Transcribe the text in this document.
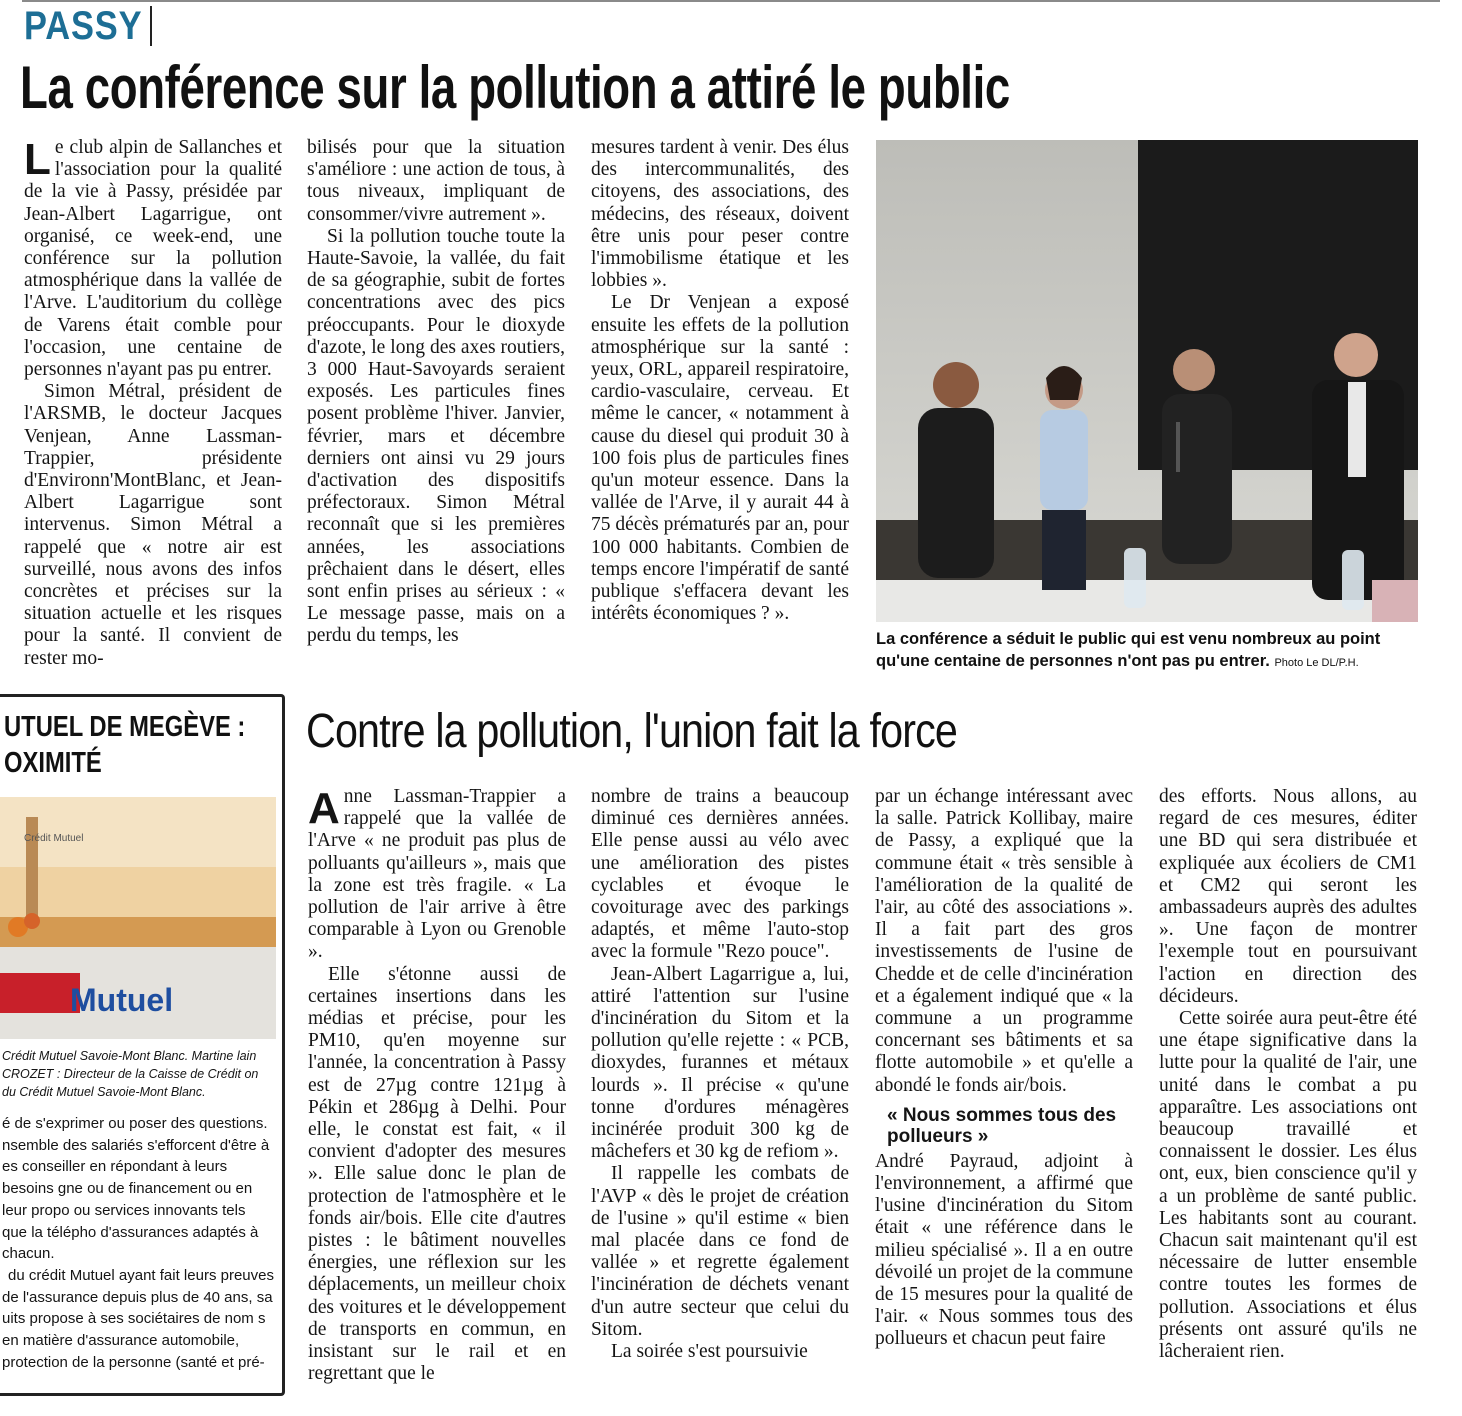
PASSY
La conférence sur la pollution a attiré le public

Le club alpin de Sallanches et l'association pour la qualité de la vie à Passy, présidée par Jean-Albert Lagarrigue, ont organisé, ce week-end, une conférence sur la pollution atmosphérique dans la vallée de l'Arve. L'auditorium du collège de Varens était comble pour l'occasion, une centaine de personnes n'ayant pas pu entrer.

Simon Métral, président de l'ARSMB, le docteur Jacques Venjean, Anne Lassman-Trappier, présidente d'Environn'MontBlanc, et Jean-Albert Lagarrigue sont intervenus. Simon Métral a rappelé que « notre air est surveillé, nous avons des infos concrètes et précises sur la situation actuelle et les risques pour la santé. Il convient de rester mo-

bilisés pour que la situation s'améliore : une action de tous, à tous niveaux, impliquant de consommer/vivre autrement ».

Si la pollution touche toute la Haute-Savoie, la vallée, du fait de sa géographie, subit de fortes concentrations avec des pics préoccupants. Pour le dioxyde d'azote, le long des axes routiers, 3 000 Haut-Savoyards seraient exposés. Les particules fines posent problème l'hiver. Janvier, février, mars et décembre derniers ont ainsi vu 29 jours d'activation des dispositifs préfectoraux. Simon Métral reconnaît que si les premières années, les associations prêchaient dans le désert, elles sont enfin prises au sérieux : « Le message passe, mais on a perdu du temps, les

mesures tardent à venir. Des élus des intercommunalités, des citoyens, des associations, des médecins, des réseaux, doivent être unis pour peser contre l'immobilisme étatique et les lobbies ».

Le Dr Venjean a exposé ensuite les effets de la pollution atmosphérique sur la santé : yeux, ORL, appareil respiratoire, cardio-vasculaire, cerveau. Et même le cancer, « notamment à cause du diesel qui produit 30 à 100 fois plus de particules fines qu'un moteur essence. Dans la vallée de l'Arve, il y aurait 44 à 75 décès prématurés par an, pour 100 000 habitants. Combien de temps encore l'impératif de santé publique s'effacera devant les intérêts économiques ? ».

La conférence a séduit le public qui est venu nombreux au point qu'une centaine de personnes n'ont pas pu entrer. Photo Le DL/P.H.
UTUEL DE MEGÈVE :
OXIMITÉ
Crédit Mutuel
Mutuel
Crédit Mutuel Savoie-Mont Blanc. Martine lain CROZET : Directeur de la Caisse de Crédit on du Crédit Mutuel Savoie-Mont Blanc.

é de s'exprimer ou poser des questions. nsemble des salariés s'efforcent d'être à es conseiller en répondant à leurs besoins gne ou de financement ou en leur propo ou services innovants tels que la télépho d'assurances adaptés à chacun.

du crédit Mutuel ayant fait leurs preuves de l'assurance depuis plus de 40 ans, sa uits propose à ses sociétaires de nom s en matière d'assurance automobile, protection de la personne (santé et pré-

Contre la pollution, l'union fait la force

Anne Lassman-Trappier a rappelé que la vallée de l'Arve « ne produit pas plus de polluants qu'ailleurs », mais que la zone est très fragile. « La pollution de l'air arrive à être comparable à Lyon ou Grenoble ».

Elle s'étonne aussi de certaines insertions dans les médias et précise, pour les PM10, qu'en moyenne sur l'année, la concentration à Passy est de 27µg contre 121µg à Pékin et 286µg à Delhi. Pour elle, le constat est fait, « il convient d'adopter des mesures ». Elle salue donc le plan de protection de l'atmosphère et le fonds air/bois. Elle cite d'autres pistes : le bâtiment nouvelles énergies, une réflexion sur les déplacements, un meilleur choix des voitures et le développement de transports en commun, en insistant sur le rail et en regrettant que le

nombre de trains a beaucoup diminué ces dernières années. Elle pense aussi au vélo avec une amélioration des pistes cyclables et évoque le covoiturage avec des parkings adaptés, et même l'auto-stop avec la formule "Rezo pouce".

Jean-Albert Lagarrigue a, lui, attiré l'attention sur l'usine d'incinération du Sitom et la pollution qu'elle rejette : « PCB, dioxydes, furannes et métaux lourds ». Il précise « qu'une tonne d'ordures ménagères incinérée produit 300 kg de mâchefers et 30 kg de refiom ».

Il rappelle les combats de l'AVP « dès le projet de création de l'usine » qu'il estime « bien mal placée dans ce fond de vallée » et regrette également l'incinération de déchets venant d'un autre secteur que celui du Sitom.

La soirée s'est poursuivie

par un échange intéressant avec la salle. Patrick Kollibay, maire de Passy, a expliqué que la commune était « très sensible à l'amélioration de la qualité de l'air, au côté des associations ». Il a fait part des gros investissements de l'usine de Chedde et de celle d'incinération et a également indiqué que « la commune a un programme concernant ses bâtiments et sa flotte automobile » et qu'elle a abondé le fonds air/bois.

« Nous sommes tous des pollueurs »

André Payraud, adjoint à l'environnement, a affirmé que l'usine d'incinération du Sitom était « une référence dans le milieu spécialisé ». Il a en outre dévoilé un projet de la commune de 15 mesures pour la qualité de l'air. « Nous sommes tous des pollueurs et chacun peut faire

des efforts. Nous allons, au regard de ces mesures, éditer une BD qui sera distribuée et expliquée aux écoliers de CM1 et CM2 qui seront les ambassadeurs auprès des adultes ». Une façon de montrer l'exemple tout en poursuivant l'action en direction des décideurs.

Cette soirée aura peut-être été une étape significative dans la lutte pour la qualité de l'air, une unité dans le combat a pu apparaître. Les associations ont beaucoup travaillé et connaissent le dossier. Les élus ont, eux, bien conscience qu'il y a un problème de santé public. Les habitants sont au courant. Chacun sait maintenant qu'il est nécessaire de lutter ensemble contre toutes les formes de pollution. Associations et élus présents ont assuré qu'ils ne lâcheraient rien.
